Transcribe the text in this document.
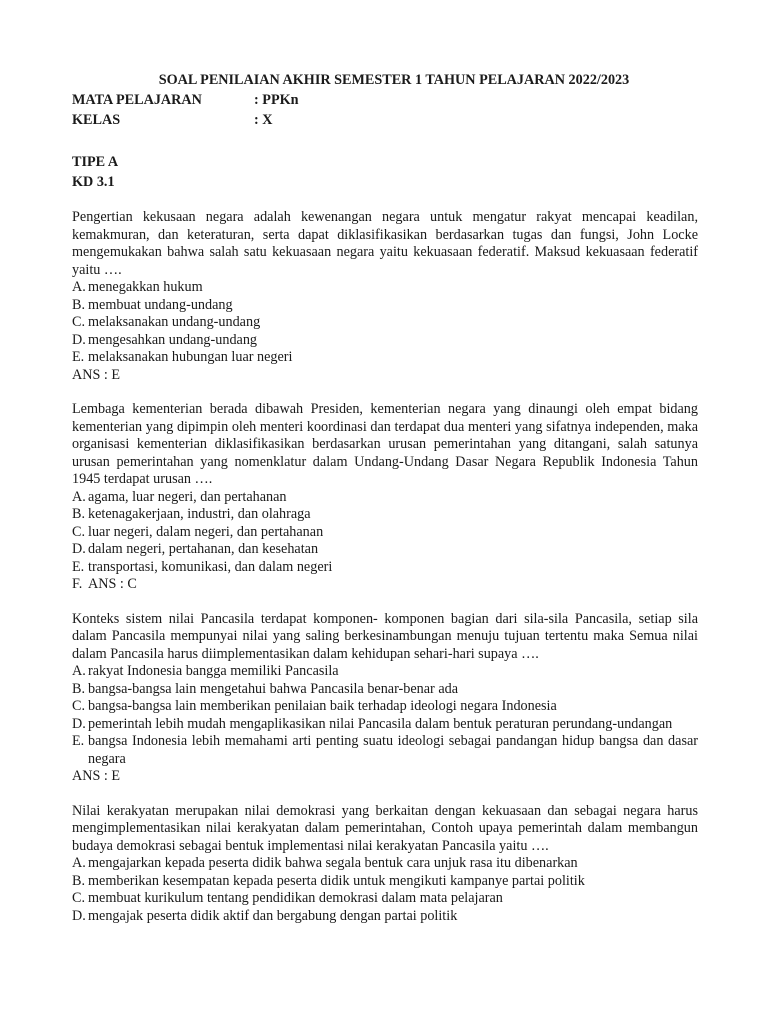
SOAL PENILAIAN AKHIR SEMESTER 1 TAHUN PELAJARAN 2022/2023

MATA PELAJARAN	: PPKn
KELAS	: X
TIPE A
KD 3.1

Pengertian kekusaan negara adalah kewenangan negara untuk mengatur rakyat mencapai keadilan, kemakmuran, dan keteraturan, serta dapat diklasifikasikan berdasarkan tugas dan fungsi, John Locke mengemukakan bahwa salah satu kekuasaan negara yaitu kekuasaan federatif. Maksud kekuasaan federatif yaitu ….

A. menegakkan hukum
B. membuat undang-undang
C. melaksanakan undang-undang
D. mengesahkan undang-undang
E. melaksanakan hubungan luar negeri
ANS : E

Lembaga kementerian berada dibawah Presiden, kementerian negara yang dinaungi oleh empat bidang kementerian yang dipimpin oleh menteri koordinasi dan terdapat dua menteri yang sifatnya independen, maka organisasi kementerian diklasifikasikan berdasarkan urusan pemerintahan yang ditangani, salah satunya urusan pemerintahan yang nomenklatur dalam Undang-Undang Dasar Negara Republik Indonesia Tahun 1945 terdapat urusan ….

A. agama, luar negeri, dan pertahanan
B. ketenagakerjaan, industri, dan olahraga
C. luar negeri, dalam negeri, dan pertahanan
D. dalam negeri, pertahanan, dan kesehatan
E. transportasi, komunikasi, dan dalam negeri
F. ANS : C

Konteks sistem nilai Pancasila terdapat komponen- komponen bagian dari sila-sila Pancasila, setiap sila dalam Pancasila mempunyai nilai yang saling berkesinambungan menuju tujuan tertentu maka Semua nilai dalam Pancasila harus diimplementasikan dalam kehidupan sehari-hari supaya ….

A. rakyat Indonesia bangga memiliki Pancasila
B. bangsa-bangsa lain mengetahui bahwa Pancasila benar-benar ada
C. bangsa-bangsa lain memberikan penilaian baik terhadap ideologi negara Indonesia
D. pemerintah lebih mudah mengaplikasikan nilai Pancasila dalam bentuk peraturan perundang-undangan
E. bangsa Indonesia lebih memahami arti penting suatu ideologi sebagai pandangan hidup bangsa dan dasar negara
ANS : E

Nilai kerakyatan merupakan nilai demokrasi yang berkaitan dengan kekuasaan dan sebagai negara harus mengimplementasikan nilai kerakyatan dalam pemerintahan, Contoh upaya pemerintah dalam membangun budaya demokrasi sebagai bentuk implementasi nilai kerakyatan Pancasila yaitu ….

A. mengajarkan kepada peserta didik bahwa segala bentuk cara unjuk rasa itu dibenarkan
B. memberikan kesempatan kepada peserta didik untuk mengikuti kampanye partai politik
C. membuat kurikulum tentang pendidikan demokrasi dalam mata pelajaran
D. mengajak peserta didik aktif dan bergabung dengan partai politik
